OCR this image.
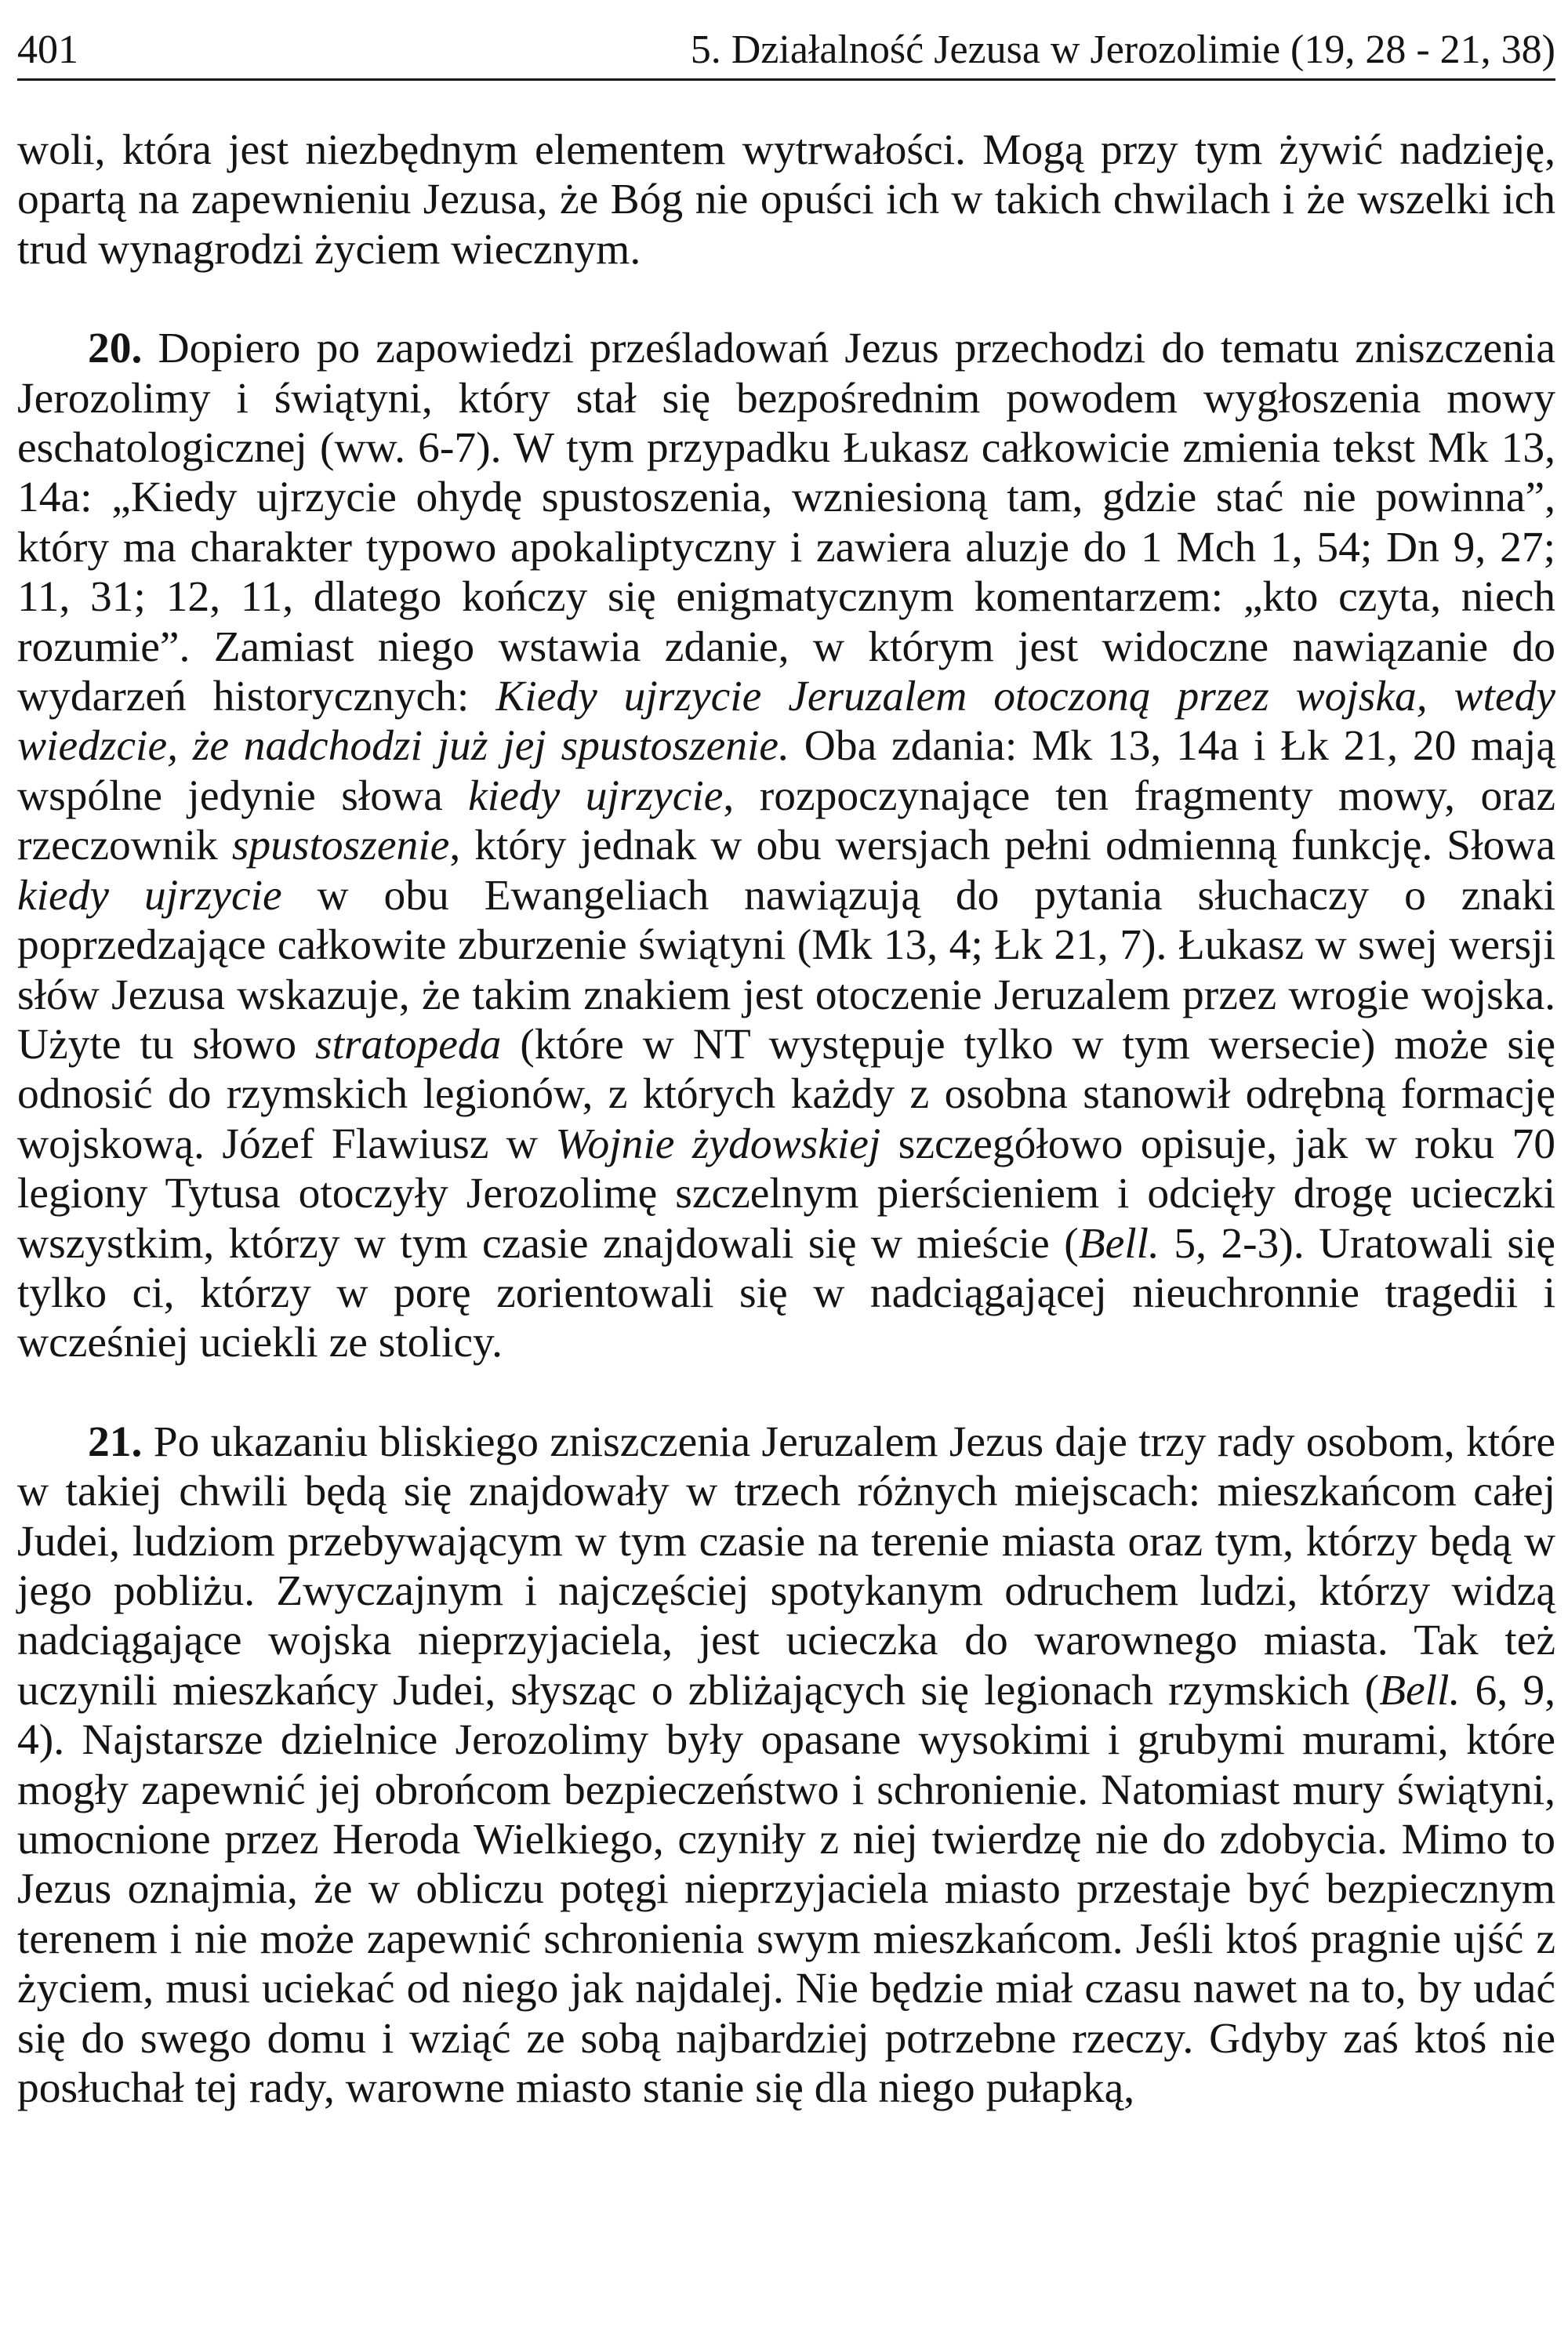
401	5. Działalność Jezusa w Jerozolimie (19, 28 - 21, 38)

woli, która jest niezbędnym elementem wytrwałości. Mogą przy tym żywić nadzieję, opartą na zapewnieniu Jezusa, że Bóg nie opuści ich w takich chwilach i że wszelki ich trud wynagrodzi życiem wiecznym.

20. Dopiero po zapowiedzi prześladowań Jezus przechodzi do tematu zniszczenia Jerozolimy i świątyni, który stał się bezpośrednim powodem wygłoszenia mowy eschatologicznej (ww. 6-7). W tym przypadku Łukasz całkowicie zmienia tekst Mk 13, 14a: „Kiedy ujrzycie ohydę spustoszenia, wzniesioną tam, gdzie stać nie powinna”, który ma charakter typowo apokaliptyczny i zawiera aluzje do 1 Mch 1, 54; Dn 9, 27; 11, 31; 12, 11, dlatego kończy się enigmatycznym komentarzem: „kto czyta, niech rozumie”. Zamiast niego wstawia zdanie, w którym jest widoczne nawiązanie do wydarzeń historycznych: Kiedy ujrzycie Jeruzalem otoczoną przez wojska, wtedy wiedzcie, że nadchodzi już jej spustoszenie. Oba zdania: Mk 13, 14a i Łk 21, 20 mają wspólne jedynie słowa kiedy ujrzycie, rozpoczynające ten fragmenty mowy, oraz rzeczownik spustoszenie, który jednak w obu wersjach pełni odmienną funkcję. Słowa kiedy ujrzycie w obu Ewangeliach nawiązują do pytania słuchaczy o znaki poprzedzające całkowite zburzenie świątyni (Mk 13, 4; Łk 21, 7). Łukasz w swej wersji słów Jezusa wskazuje, że takim znakiem jest otoczenie Jeruzalem przez wrogie wojska. Użyte tu słowo stratopeda (które w NT występuje tylko w tym wersecie) może się odnosić do rzymskich legionów, z których każdy z osobna stanowił odrębną formację wojskową. Józef Flawiusz w Wojnie żydowskiej szczegółowo opisuje, jak w roku 70 legiony Tytusa otoczyły Jerozolimę szczelnym pierścieniem i odcięły drogę ucieczki wszystkim, którzy w tym czasie znajdowali się w mieście (Bell. 5, 2-3). Uratowali się tylko ci, którzy w porę zorientowali się w nadciągającej nieuchronnie tragedii i wcześniej uciekli ze stolicy.

21. Po ukazaniu bliskiego zniszczenia Jeruzalem Jezus daje trzy rady osobom, które w takiej chwili będą się znajdowały w trzech różnych miejscach: mieszkańcom całej Judei, ludziom przebywającym w tym czasie na terenie miasta oraz tym, którzy będą w jego pobliżu. Zwyczajnym i najczęściej spotykanym odruchem ludzi, którzy widzą nadciągające wojska nieprzyjaciela, jest ucieczka do warownego miasta. Tak też uczynili mieszkańcy Judei, słysząc o zbliżających się legionach rzymskich (Bell. 6, 9, 4). Najstarsze dzielnice Jerozolimy były opasane wysokimi i grubymi murami, które mogły zapewnić jej obrońcom bezpieczeństwo i schronienie. Natomiast mury świątyni, umocnione przez Heroda Wielkiego, czyniły z niej twierdzę nie do zdobycia. Mimo to Jezus oznajmia, że w obliczu potęgi nieprzyjaciela miasto przestaje być bezpiecznym terenem i nie może zapewnić schronienia swym mieszkańcom. Jeśli ktoś pragnie ujść z życiem, musi uciekać od niego jak najdalej. Nie będzie miał czasu nawet na to, by udać się do swego domu i wziąć ze sobą najbardziej potrzebne rzeczy. Gdyby zaś ktoś nie posłuchał tej rady, warowne miasto stanie się dla niego pułapką,
